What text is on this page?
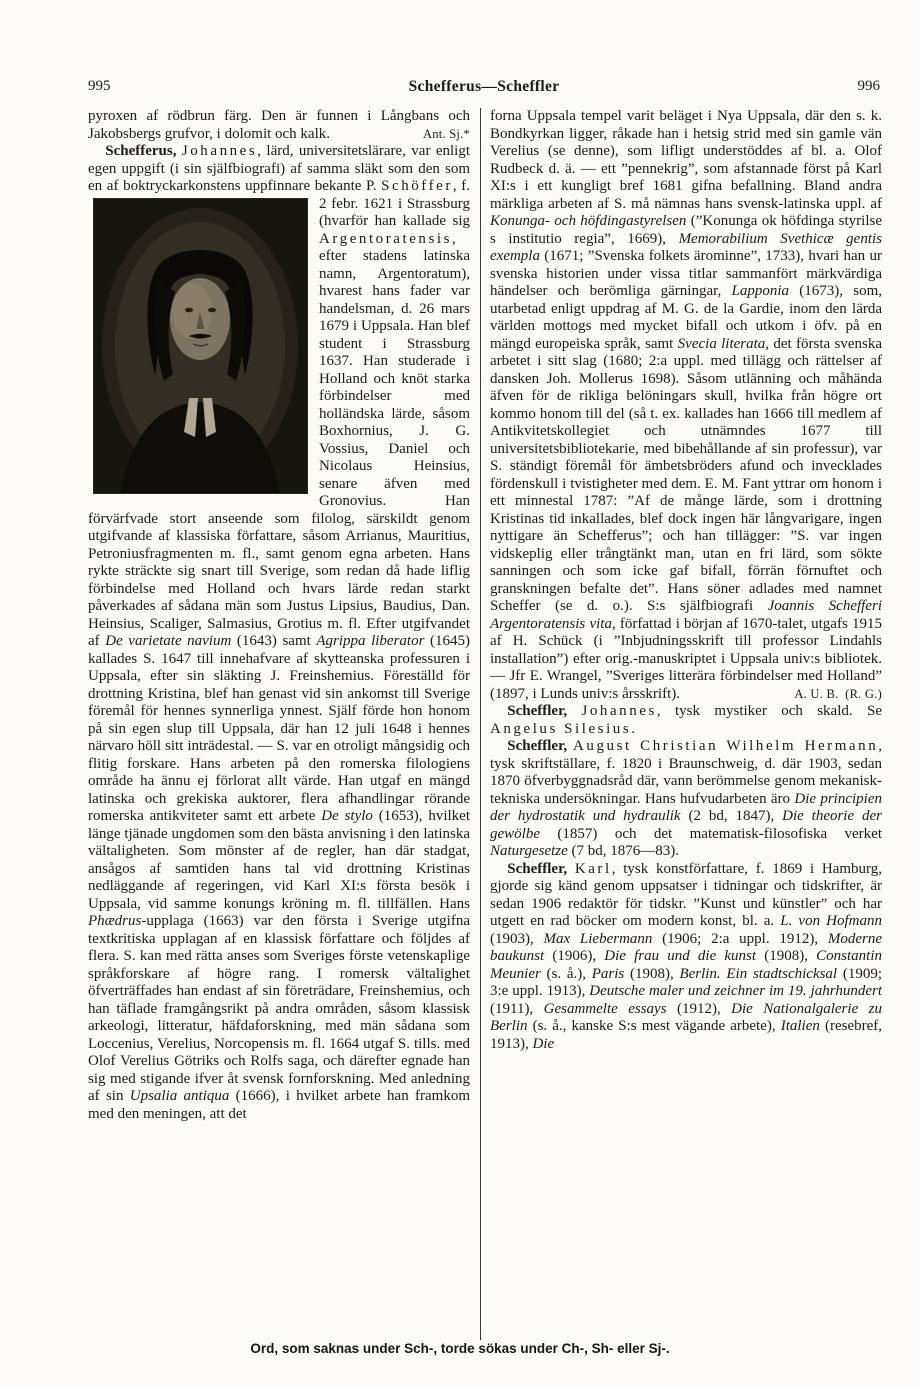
995	Schefferus—Scheffler	996

pyroxen af rödbrun färg. Den är funnen i Långbans och Jakobsbergs grufvor, i dolomit och kalk.	Ant. Sj.*

Schefferus, Johannes, lärd, universitetslärare, var enligt egen uppgift (i sin själfbiografi) af samma släkt som den som en af boktryckarkonstens uppfinnare bekante P. Schöffer, f. 2
febr. 1621 i Strassburg (hvarför han kallade sig Argentoratensis, efter stadens latinska namn, Argentoratum), hvarest hans fader var handelsman, d. 26 mars 1679 i Uppsala. Han blef student i Strassburg 1637. Han studerade i Holland och knöt starka förbindelser med holländska lärde, såsom Boxhornius, J. G. Vossius, Daniel och Nicolaus Heinsius, senare äfven med Gronovius. Han förvärfvade stort anseende som filolog, särskildt genom utgifvande af klassiska författare, såsom Arrianus, Mauritius, Petroniusfragmenten m. fl., samt genom egna arbeten. Hans rykte sträckte sig snart till Sverige, som redan då hade liflig förbindelse med Holland och hvars lärde redan starkt påverkades af sådana män som Justus Lipsius, Baudius, Dan. Heinsius, Scaliger, Salmasius, Grotius m. fl. Efter utgifvandet af De varietate navium (1643) samt Agrippa liberator (1645) kallades S. 1647 till innehafvare af skytteanska professuren i Uppsala, efter sin släkting J. Freinshemius. Föreställd för drottning Kristina, blef han genast vid sin ankomst till Sverige föremål för hennes synnerliga ynnest. Själf förde hon honom på sin egen slup till Uppsala, där han 12 juli 1648 i hennes närvaro höll sitt inträdestal. — S. var en otroligt mångsidig och flitig forskare. Hans arbeten på den romerska filologiens område ha ännu ej förlorat allt värde. Han utgaf en mängd latinska och grekiska auktorer, flera afhandlingar rörande romerska antikviteter samt ett arbete De stylo (1653), hvilket länge tjänade ungdomen som den bästa anvisning i den latinska vältaligheten. Som mönster af de regler, han där stadgat, ansågos af samtiden hans tal vid drottning Kristinas nedläggande af regeringen, vid Karl XI:s första besök i Uppsala, vid samme konungs kröning m. fl. tillfällen. Hans Phædrus-upplaga (1663) var den första i Sverige utgifna textkritiska upplagan af en klassisk författare och följdes af flera. S. kan med rätta anses som Sveriges förste vetenskaplige språkforskare af högre rang. I romersk vältalighet öfverträffades han endast af sin företrädare, Freinshemius, och han täflade framgångsrikt på andra områden, såsom klassisk arkeologi, litteratur, häfdaforskning, med män sådana som Loccenius, Verelius, Norcopensis m. fl. 1664 utgaf S. tills. med Olof Verelius Götriks och Rolfs saga, och därefter egnade han sig med stigande ifver åt svensk fornforskning. Med anledning af sin Upsalia antiqua (1666), i hvilket arbete han framkom med den meningen, att det

forna Uppsala tempel varit beläget i Nya Uppsala, där den s. k. Bondkyrkan ligger, råkade han i hetsig strid med sin gamle vän Verelius (se denne), som lifligt understöddes af bl. a. Olof Rudbeck d. ä. — ett ”pennekrig”, som afstannade först på Karl XI:s i ett kungligt bref 1681 gifna befallning. Bland andra märkliga arbeten af S. må nämnas hans svensk-latinska uppl. af Konunga- och höfdingastyrelsen (”Konunga ok höfdinga styrilse s institutio regia”, 1669), Memorabilium Svethicæ gentis exempla (1671; ”Svenska folkets ärominne”, 1733), hvari han ur svenska historien under vissa titlar sammanfört märkvärdiga händelser och berömliga gärningar, Lapponia (1673), som, utarbetad enligt uppdrag af M. G. de la Gardie, inom den lärda världen mottogs med mycket bifall och utkom i öfv. på en mängd europeiska språk, samt Svecia literata, det första svenska arbetet i sitt slag (1680; 2:a uppl. med tillägg och rättelser af dansken Joh. Mollerus 1698). Såsom utlänning och måhända äfven för de rikliga belöningars skull, hvilka från högre ort kommo honom till del (så t. ex. kallades han 1666 till medlem af Antikvitetskollegiet och utnämndes 1677 till universitetsbibliotekarie, med bibehållande af sin professur), var S. ständigt föremål för ämbetsbröders afund och invecklades fördenskull i tvistigheter med dem. E. M. Fant yttrar om honom i ett minnestal 1787: ”Af de månge lärde, som i drottning Kristinas tid inkallades, blef dock ingen här långvarigare, ingen nyttigare än Schefferus”; och han tillägger: ”S. var ingen vidskeplig eller trångtänkt man, utan en fri lärd, som sökte sanningen och som icke gaf bifall, förrän förnuftet och granskningen befalte det”. Hans söner adlades med namnet Scheffer (se d. o.). S:s själfbiografi Joannis Schefferi Argentoratensis vita, författad i början af 1670-talet, utgafs 1915 af H. Schück (i ”Inbjudningsskrift till professor Lindahls installation”) efter orig.-manuskriptet i Uppsala univ:s bibliotek. — Jfr E. Wrangel, ”Sveriges litterära förbindelser med Holland” (1897, i Lunds univ:s årsskrift).	A. U. B.  (R. G.)

Scheffler, Johannes, tysk mystiker och skald. Se Angelus Silesius.

Scheffler, August Christian Wilhelm Hermann, tysk skriftställare, f. 1820 i Braunschweig, d. där 1903, sedan 1870 öfverbyggnadsråd där, vann berömmelse genom mekanisk-tekniska undersökningar. Hans hufvudarbeten äro Die principien der hydrostatik und hydraulik (2 bd, 1847), Die theorie der gewölbe (1857) och det matematisk-filosofiska verket Naturgesetze (7 bd, 1876—83).

Scheffler, Karl, tysk konstförfattare, f. 1869 i Hamburg, gjorde sig känd genom uppsatser i tidningar och tidskrifter, är sedan 1906 redaktör för tidskr. ”Kunst und künstler” och har utgett en rad böcker om modern konst, bl. a. L. von Hofmann (1903), Max Liebermann (1906; 2:a uppl. 1912), Moderne baukunst (1906), Die frau und die kunst (1908), Constantin Meunier (s. å.), Paris (1908), Berlin. Ein stadtschicksal (1909; 3:e uppl. 1913), Deutsche maler und zeichner im 19. jahrhundert (1911), Gesammelte essays (1912), Die Nationalgalerie zu Berlin (s. å., kanske S:s mest vägande arbete), Italien (resebref, 1913), Die

Ord, som saknas under Sch-, torde sökas under Ch-, Sh- eller Sj-.
